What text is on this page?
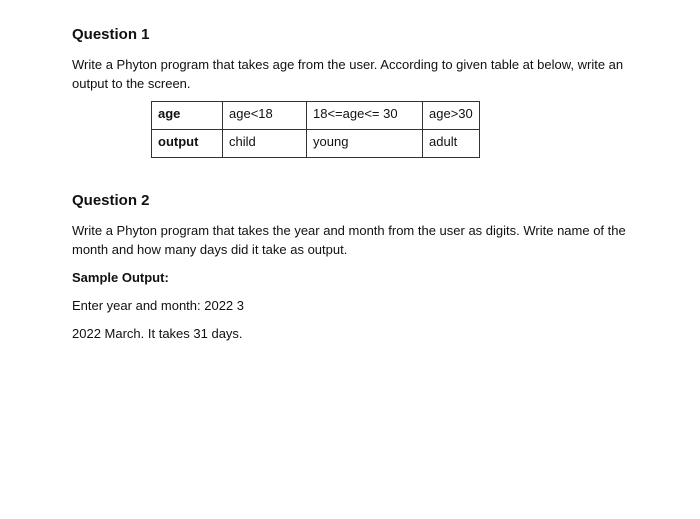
Question 1

Write a Phyton program that takes age from the user. According to given table at below, write an output to the screen.

age	age<18	18<=age<= 30	age>30
output	child	young	adult
Question 2

Write a Phyton program that takes the year and month from the user as digits. Write name of the month and how many days did it take as output.

Sample Output:

Enter year and month: 2022 3

2022 March. It takes 31 days.
